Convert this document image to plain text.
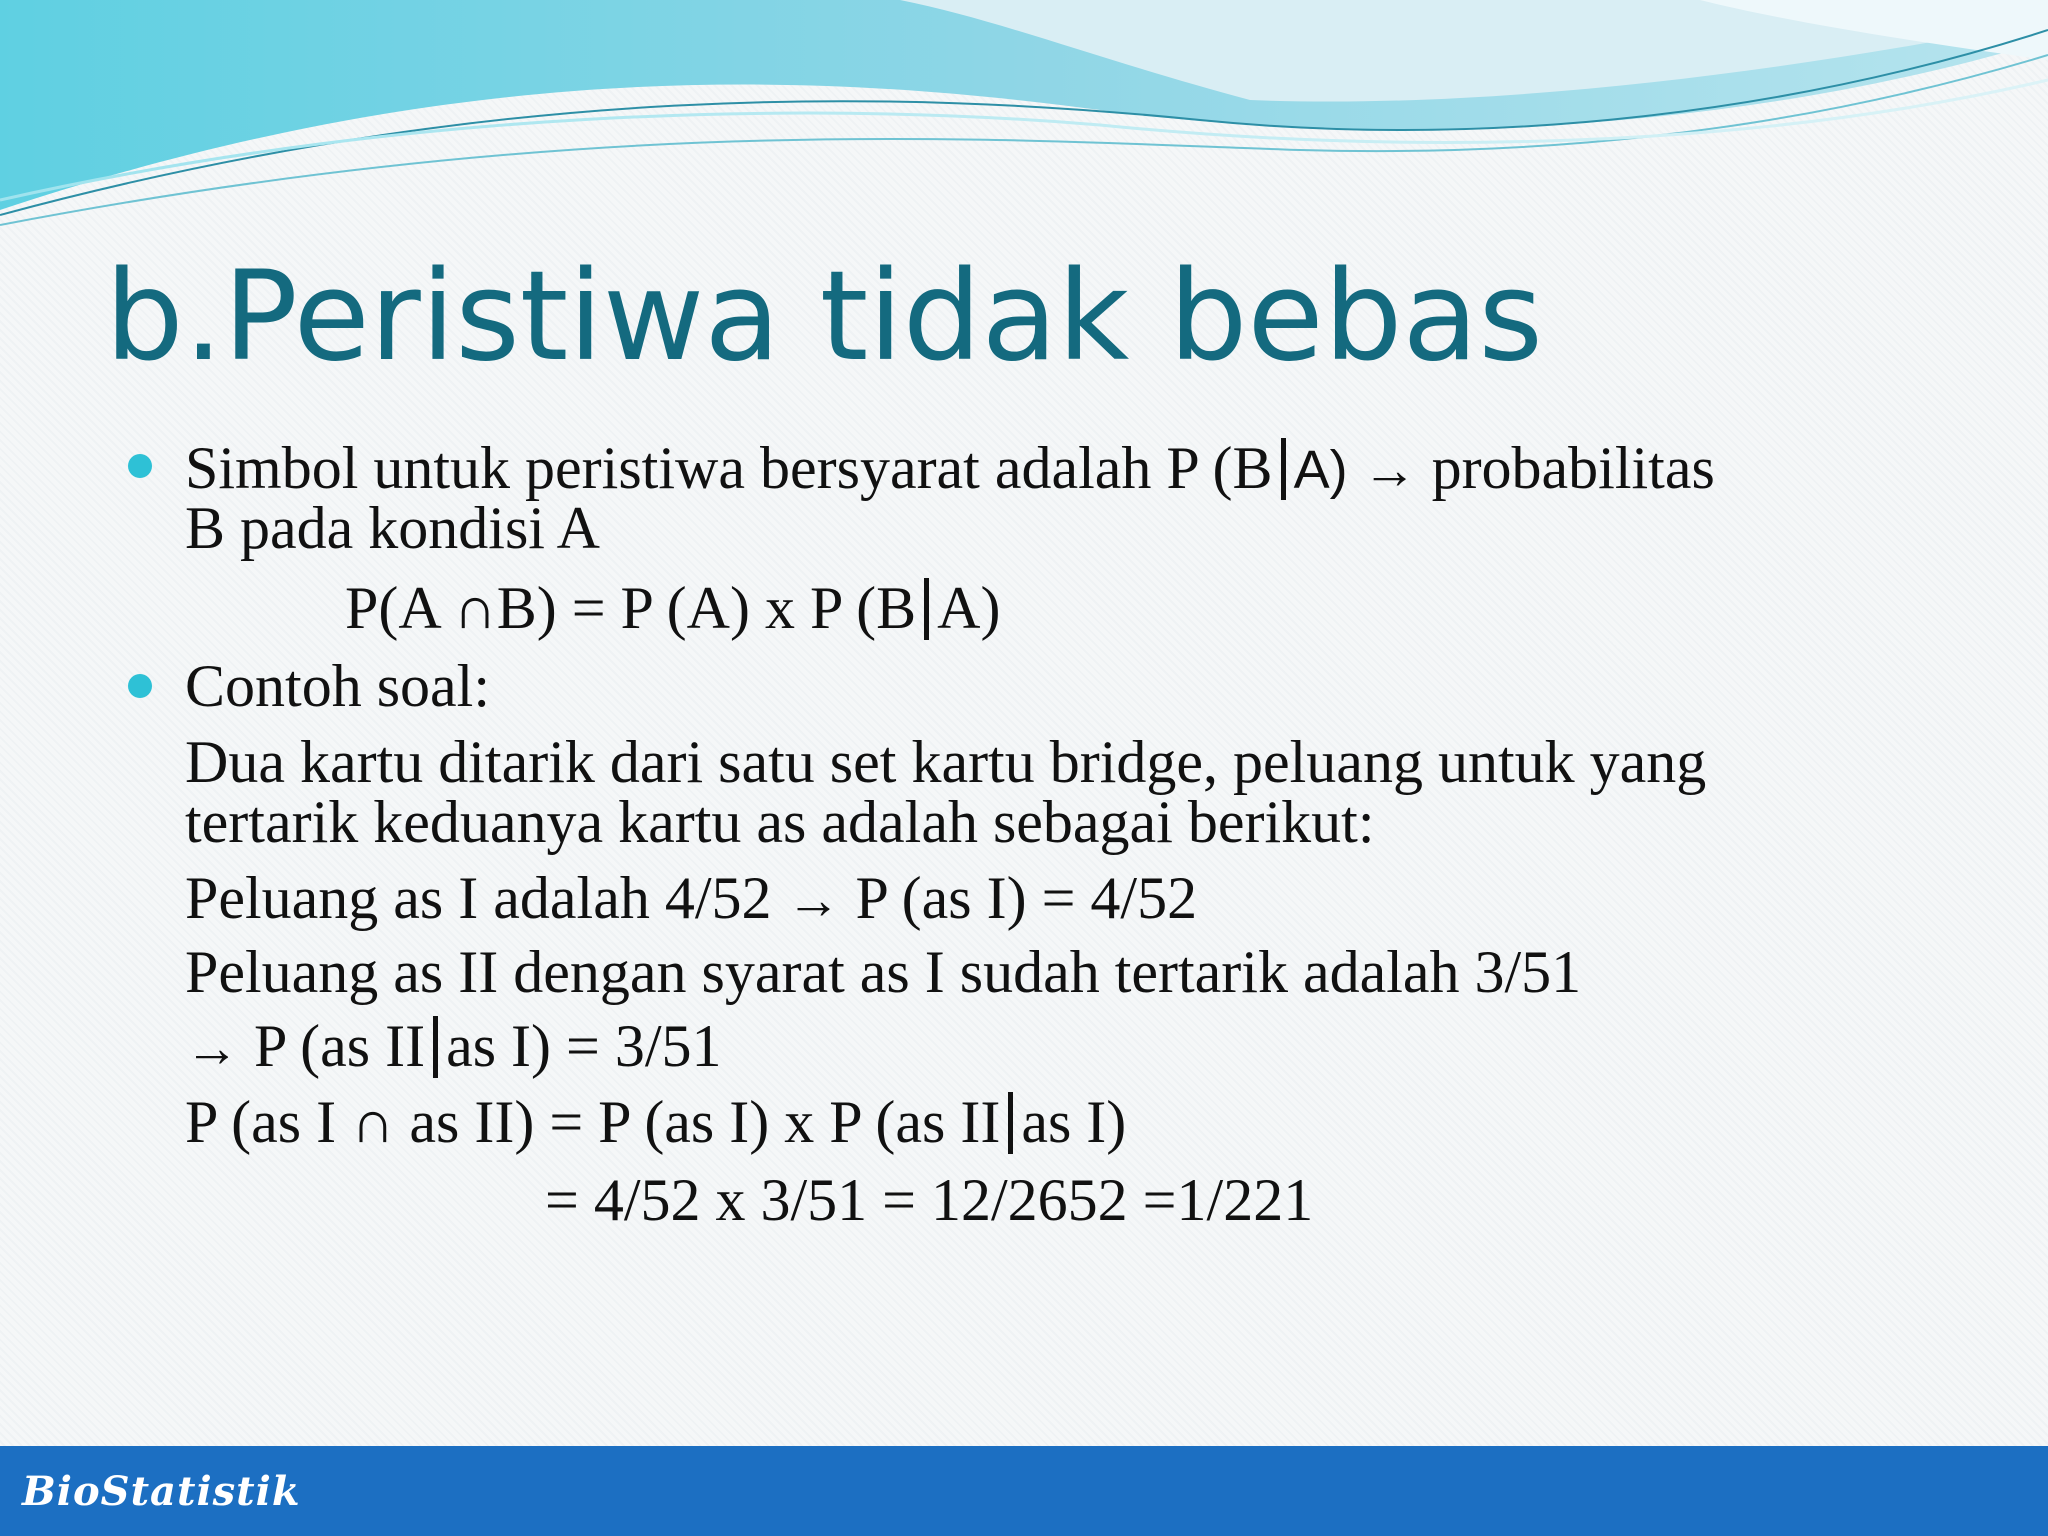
b.Peristiwa tidak bebas
Simbol untuk peristiwa bersyarat adalah P (B A) → probabilitas
B pada kondisi A
P(A ∩B) = P (A) x P (B A)
Contoh soal:
Dua kartu ditarik dari satu set kartu bridge, peluang untuk yang
tertarik keduanya kartu as adalah sebagai berikut:
Peluang as I adalah 4/52 → P (as I) = 4/52
Peluang as II dengan syarat as I sudah tertarik adalah 3/51
→ P (as II as I) = 3/51
P (as I ∩ as II) = P (as I) x P (as II as I)
= 4/52 x 3/51 = 12/2652 =1/221
BioStatistik
